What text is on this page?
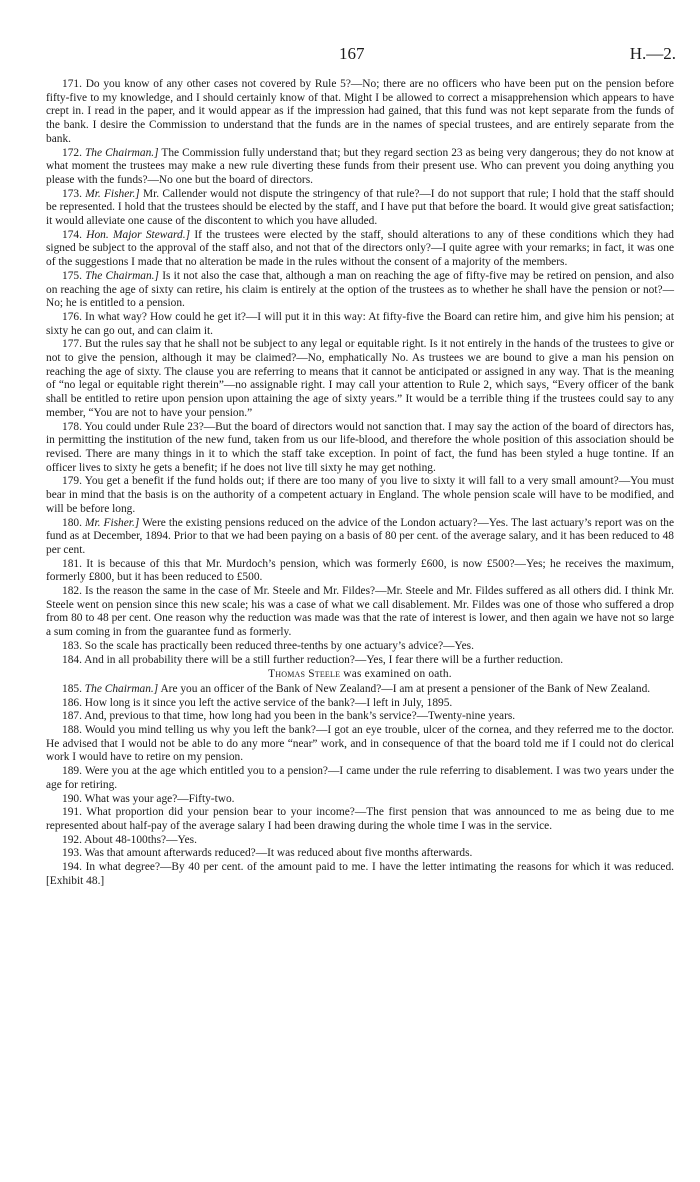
167	H.—2.

171. Do you know of any other cases not covered by Rule 5?—No; there are no officers who have been put on the pension before fifty-five to my knowledge, and I should certainly know of that. Might I be allowed to correct a misapprehension which appears to have crept in. I read in the paper, and it would appear as if the impression had gained, that this fund was not kept separate from the funds of the bank. I desire the Commission to understand that the funds are in the names of special trustees, and are entirely separate from the bank.

172. The Chairman.] The Commission fully understand that; but they regard section 23 as being very dangerous; they do not know at what moment the trustees may make a new rule diverting these funds from their present use. Who can prevent you doing anything you please with the funds?—No one but the board of directors.

173. Mr. Fisher.] Mr. Callender would not dispute the stringency of that rule?—I do not support that rule; I hold that the staff should be represented. I hold that the trustees should be elected by the staff, and I have put that before the board. It would give great satisfaction; it would alleviate one cause of the discontent to which you have alluded.

174. Hon. Major Steward.] If the trustees were elected by the staff, should alterations to any of these conditions which they had signed be subject to the approval of the staff also, and not that of the directors only?—I quite agree with your remarks; in fact, it was one of the suggestions I made that no alteration be made in the rules without the consent of a majority of the members.

175. The Chairman.] Is it not also the case that, although a man on reaching the age of fifty-five may be retired on pension, and also on reaching the age of sixty can retire, his claim is entirely at the option of the trustees as to whether he shall have the pension or not?—No; he is entitled to a pension.

176. In what way? How could he get it?—I will put it in this way: At fifty-five the Board can retire him, and give him his pension; at sixty he can go out, and can claim it.

177. But the rules say that he shall not be subject to any legal or equitable right. Is it not entirely in the hands of the trustees to give or not to give the pension, although it may be claimed?—No, emphatically No. As trustees we are bound to give a man his pension on reaching the age of sixty. The clause you are referring to means that it cannot be anticipated or assigned in any way. That is the meaning of “no legal or equitable right therein”—no assignable right. I may call your attention to Rule 2, which says, “Every officer of the bank shall be entitled to retire upon pension upon attaining the age of sixty years.” It would be a terrible thing if the trustees could say to any member, “You are not to have your pension.”

178. You could under Rule 23?—But the board of directors would not sanction that. I may say the action of the board of directors has, in permitting the institution of the new fund, taken from us our life-blood, and therefore the whole position of this association should be revised. There are many things in it to which the staff take exception. In point of fact, the fund has been styled a huge tontine. If an officer lives to sixty he gets a benefit; if he does not live till sixty he may get nothing.

179. You get a benefit if the fund holds out; if there are too many of you live to sixty it will fall to a very small amount?—You must bear in mind that the basis is on the authority of a competent actuary in England. The whole pension scale will have to be modified, and will be before long.

180. Mr. Fisher.] Were the existing pensions reduced on the advice of the London actuary?—Yes. The last actuary’s report was on the fund as at December, 1894. Prior to that we had been paying on a basis of 80 per cent. of the average salary, and it has been reduced to 48 per cent.

181. It is because of this that Mr. Murdoch’s pension, which was formerly £600, is now £500?—Yes; he receives the maximum, formerly £800, but it has been reduced to £500.

182. Is the reason the same in the case of Mr. Steele and Mr. Fildes?—Mr. Steele and Mr. Fildes suffered as all others did. I think Mr. Steele went on pension since this new scale; his was a case of what we call disablement. Mr. Fildes was one of those who suffered a drop from 80 to 48 per cent. One reason why the reduction was made was that the rate of interest is lower, and then again we have not so large a sum coming in from the guarantee fund as formerly.

183. So the scale has practically been reduced three-tenths by one actuary’s advice?—Yes.

184. And in all probability there will be a still further reduction?—Yes, I fear there will be a further reduction.

Thomas Steele was examined on oath.

185. The Chairman.] Are you an officer of the Bank of New Zealand?—I am at present a pensioner of the Bank of New Zealand.

186. How long is it since you left the active service of the bank?—I left in July, 1895.

187. And, previous to that time, how long had you been in the bank’s service?—Twenty-nine years.

188. Would you mind telling us why you left the bank?—I got an eye trouble, ulcer of the cornea, and they referred me to the doctor. He advised that I would not be able to do any more “near” work, and in consequence of that the board told me if I could not do clerical work I would have to retire on my pension.

189. Were you at the age which entitled you to a pension?—I came under the rule referring to disablement. I was two years under the age for retiring.

190. What was your age?—Fifty-two.

191. What proportion did your pension bear to your income?—The first pension that was announced to me as being due to me represented about half-pay of the average salary I had been drawing during the whole time I was in the service.

192. About 48-100ths?—Yes.

193. Was that amount afterwards reduced?—It was reduced about five months afterwards.

194. In what degree?—By 40 per cent. of the amount paid to me. I have the letter intimating the reasons for which it was reduced. [Exhibit 48.]
